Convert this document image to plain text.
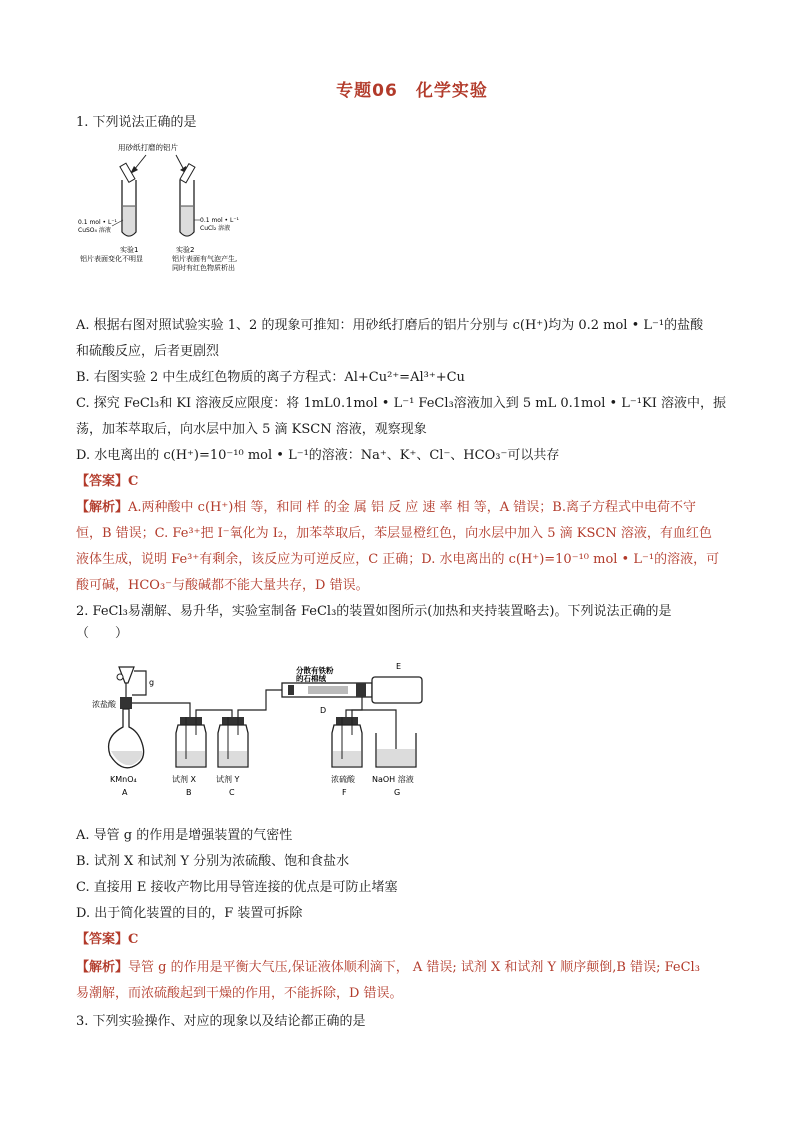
专题06　化学实验
1. 下列说法正确的是
用砂纸打磨的铝片
0.1 mol • L⁻¹
CuSO₄ 溶液
0.1 mol • L⁻¹
CuCl₂ 溶液
实验1
铝片表面变化不明显
实验2
铝片表面有气泡产生,
同时有红色物质析出
A. 根据右图对照试验实验 1、2 的现象可推知：用砂纸打磨后的铝片分别与 c(H⁺)均为 0.2 mol • L⁻¹的盐酸
和硫酸反应，后者更剧烈
B. 右图实验 2 中生成红色物质的离子方程式：Al+Cu²⁺=Al³⁺+Cu
C. 探究 FeCl₃和 KI 溶液反应限度：将 1mL0.1mol • L⁻¹ FeCl₃溶液加入到 5 mL 0.1mol • L⁻¹KI 溶液中，振
荡，加苯萃取后，向水层中加入 5 滴 KSCN 溶液，观察现象
D. 水电离出的 c(H⁺)=10⁻¹⁰ mol • L⁻¹的溶液：Na⁺、K⁺、Cl⁻、HCO₃⁻可以共存
【答案】C
【解析】A.两种酸中 c(H⁺)相 等，和同 样 的金 属 铝 反 应 速 率 相 等，A 错误；B.离子方程式中电荷不守
恒，B 错误；C. Fe³⁺把 I⁻氧化为 I₂，加苯萃取后，苯层显橙红色，向水层中加入 5 滴 KSCN 溶液，有血红色
液体生成，说明 Fe³⁺有剩余，该反应为可逆反应，C 正确；D. 水电离出的 c(H⁺)=10⁻¹⁰ mol • L⁻¹的溶液，可
酸可碱，HCO₃⁻与酸碱都不能大量共存，D 错误。
2. FeCl₃易潮解、易升华，实验室制备 FeCl₃的装置如图所示(加热和夹持装置略去)。下列说法正确的是
（　　）
g
浓盐酸
KMnO₄
A
试剂 X
B
试剂 Y
C
分散有铁粉
的石棉绒
D
E
浓硫酸
F
NaOH 溶液
G
A. 导管 g 的作用是增强装置的气密性
B. 试剂 X 和试剂 Y 分别为浓硫酸、饱和食盐水
C. 直接用 E 接收产物比用导管连接的优点是可防止堵塞
D. 出于简化装置的目的，F 装置可拆除
【答案】C
【解析】导管 g 的作用是平衡大气压,保证液体顺利滴下， A 错误; 试剂 X 和试剂 Y 顺序颠倒,B 错误; FeCl₃
易潮解，而浓硫酸起到干燥的作用，不能拆除，D 错误。
3. 下列实验操作、对应的现象以及结论都正确的是
